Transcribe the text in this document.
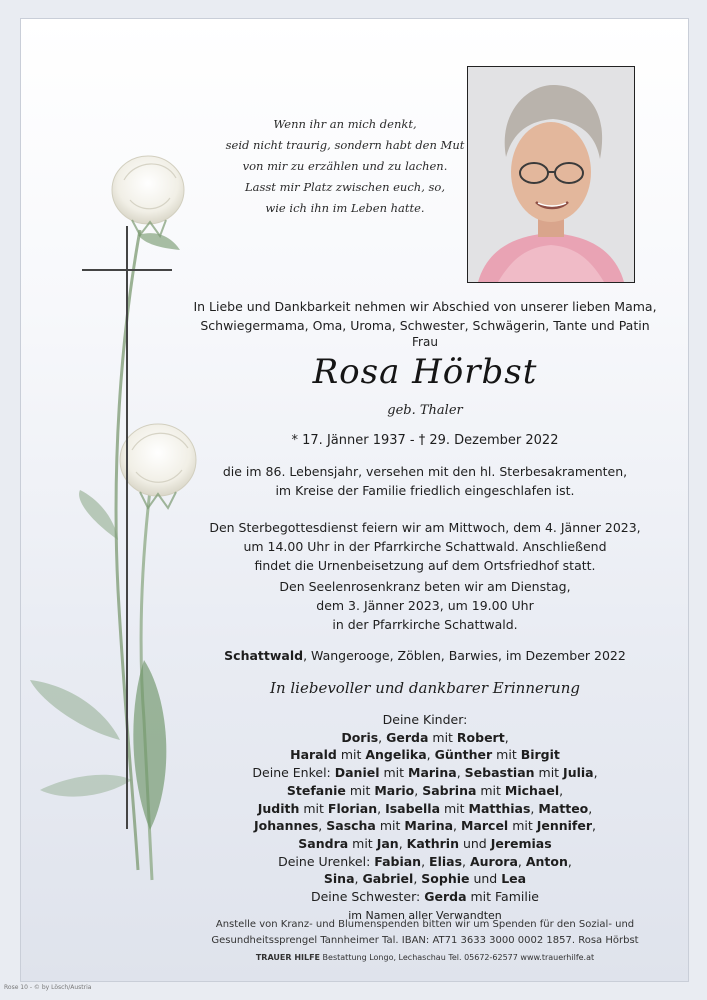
Wenn ihr an mich denkt,
seid nicht traurig, sondern habt den Mut
von mir zu erzählen und zu lachen.
Lasst mir Platz zwischen euch, so,
wie ich ihn im Leben hatte.
In Liebe und Dankbarkeit nehmen wir Abschied von unserer lieben Mama,
Schwiegermama, Oma, Uroma, Schwester, Schwägerin, Tante und Patin
Frau
Rosa Hörbst
geb. Thaler
* 17. Jänner 1937 - † 29. Dezember 2022
die im 86. Lebensjahr, versehen mit den hl. Sterbesakramenten,
im Kreise der Familie friedlich eingeschlafen ist.
Den Sterbegottesdienst feiern wir am Mittwoch, dem 4. Jänner 2023,
um 14.00 Uhr in der Pfarrkirche Schattwald. Anschließend
findet die Urnenbeisetzung auf dem Ortsfriedhof statt.
Den Seelenrosenkranz beten wir am Dienstag,
dem 3. Jänner 2023, um 19.00 Uhr
in der Pfarrkirche Schattwald.
Schattwald, Wangerooge, Zöblen, Barwies, im Dezember 2022
In liebevoller und dankbarer Erinnerung
Deine Kinder:
Doris, Gerda mit Robert,
Harald mit Angelika, Günther mit Birgit
Deine Enkel: Daniel mit Marina, Sebastian mit Julia,
Stefanie mit Mario, Sabrina mit Michael,
Judith mit Florian, Isabella mit Matthias, Matteo,
Johannes, Sascha mit Marina, Marcel mit Jennifer,
Sandra mit Jan, Kathrin und Jeremias
Deine Urenkel: Fabian, Elias, Aurora, Anton,
Sina, Gabriel, Sophie und Lea
Deine Schwester: Gerda mit Familie
im Namen aller Verwandten
Anstelle von Kranz- und Blumenspenden bitten wir um Spenden für den Sozial- und
Gesundheitssprengel Tannheimer Tal. IBAN: AT71 3633 3000 0002 1857. Rosa Hörbst
TRAUER HILFE Bestattung Longo, Lechaschau Tel. 05672-62577 www.trauerhilfe.at
Rose 10 - © by Lösch/Austria
